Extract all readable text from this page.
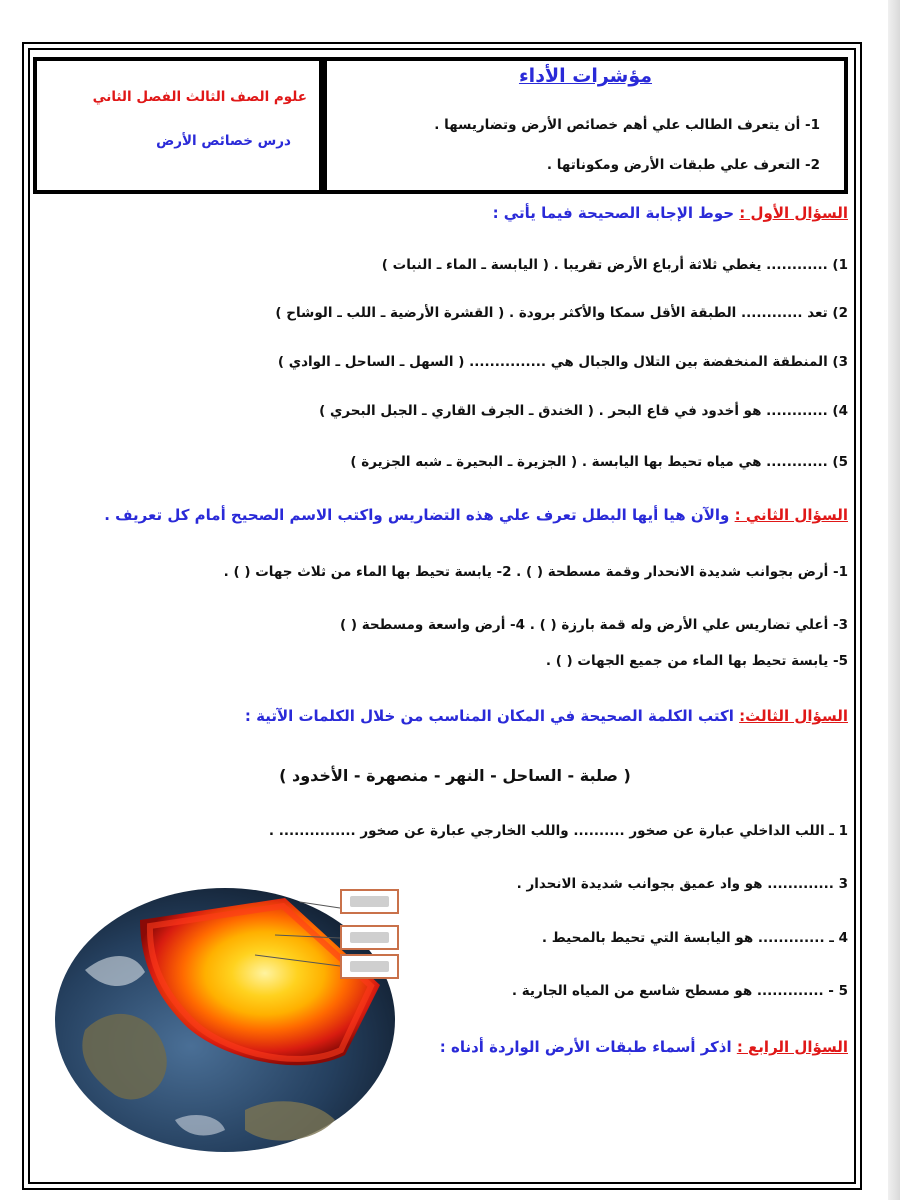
علوم الصف الثالث الفصل الثاني
درس خصائص الأرض
مؤشرات الأداء
1- أن يتعرف الطالب علي أهم خصائص الأرض وتضاريسها .
2- التعرف علي طبقات الأرض ومكوناتها .
السؤال الأول : حوط الإجابة الصحيحة فيما يأتي :
1) ............ يغطي ثلاثة أرباع الأرض تقريبا . ( اليابسة ـ الماء ـ النبات )
2) تعد ............ الطبقة الأقل سمكا والأكثر برودة . ( القشرة الأرضية ـ اللب ـ الوشاح )
3) المنطقة المنخفضة بين التلال والجبال هي ............... ( السهل ـ الساحل ـ الوادي )
4) ............ هو أخدود في قاع البحر . ( الخندق ـ الجرف القاري ـ الجبل البحري )
5) ............ هي مياه تحيط بها اليابسة . ( الجزيرة ـ البحيرة ـ شبه الجزيرة )
السؤال الثاني : والآن هيا أيها البطل تعرف علي هذه التضاريس واكتب الاسم الصحيح أمام كل تعريف .
1- أرض بجوانب شديدة الانحدار وقمة مسطحة ( ) . 2- يابسة تحيط بها الماء من ثلاث جهات ( ) .
3- أعلي تضاريس علي الأرض وله قمة بارزة ( ) . 4- أرض واسعة ومسطحة ( )
5- يابسة تحيط بها الماء من جميع الجهات ( ) .
السؤال الثالث: اكتب الكلمة الصحيحة في المكان المناسب من خلال الكلمات الآتية :
( صلبة - الساحل - النهر - منصهرة - الأخدود )
1 ـ اللب الداخلي عبارة عن صخور .......... واللب الخارجي عبارة عن صخور ............... .
3 ............. هو واد عميق بجوانب شديدة الانحدار .
4 ـ ............. هو اليابسة التي تحيط بالمحيط .
5 - ............. هو مسطح شاسع من المياه الجارية .
السؤال الرابع : اذكر أسماء طبقات الأرض الواردة أدناه :
